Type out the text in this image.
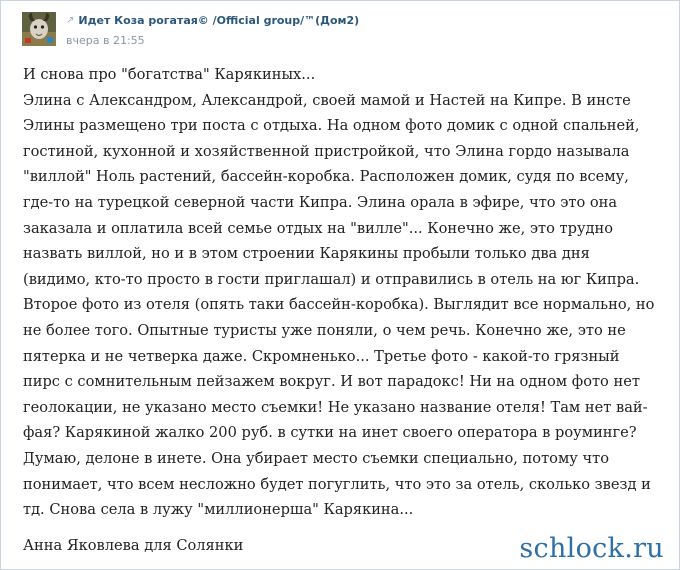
↗ Идет Коза рогатая© /Official group/™(Дом2)
вчера в 21:55
И снова про "богатства" Карякиных...
Элина с Александром, Александрой, своей мамой и Настей на Кипре. В инсте
Элины размещено три поста с отдыха. На одном фото домик с одной спальней,
гостиной, кухонной и хозяйственной пристройкой, что Элина гордо называла
"виллой" Ноль растений, бассейн-коробка. Расположен домик, судя по всему,
где-то на турецкой северной части Кипра. Элина орала в эфире, что это она
заказала и оплатила всей семье отдых на "вилле"... Конечно же, это трудно
назвать виллой, но и в этом строении Карякины пробыли только два дня
(видимо, кто-то просто в гости приглашал) и отправились в отель на юг Кипра.
Второе фото из отеля (опять таки бассейн-коробка). Выглядит все нормально, но
не более того. Опытные туристы уже поняли, о чем речь. Конечно же, это не
пятерка и не четверка даже. Скромненько... Третье фото - какой-то грязный
пирс с сомнительным пейзажем вокруг. И вот парадокс! Ни на одном фото нет
геолокации, не указано место съемки! Не указано название отеля! Там нет вай-
фая? Карякиной жалко 200 руб. в сутки на инет своего оператора в роуминге?
Думаю, делоне в инете. Она убирает место съемки специально, потому что
понимает, что всем несложно будет погуглить, что это за отель, сколько звезд и
тд. Снова села в лужу "миллионерша" Карякина...
Анна Яковлева для Солянки	schlock.ru
